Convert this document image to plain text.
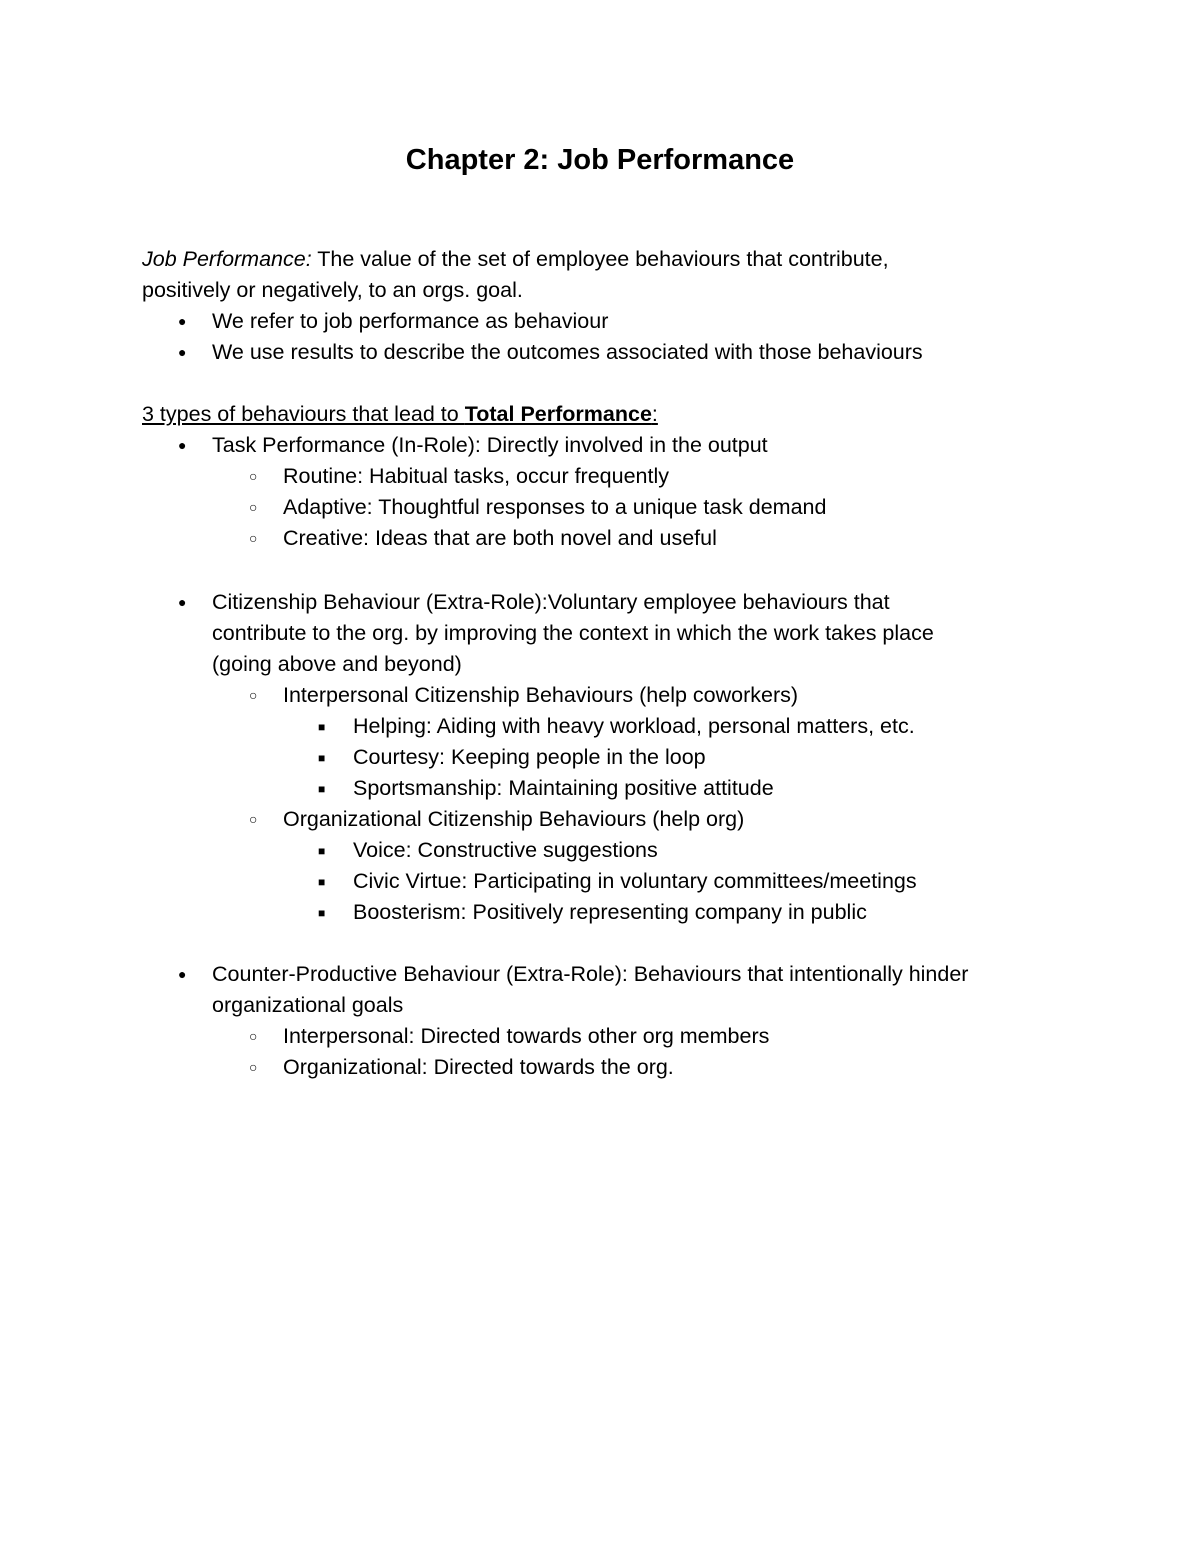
Chapter 2: Job Performance
Job Performance: The value of the set of employee behaviours that contribute,
positively or negatively, to an orgs. goal.
●
We refer to job performance as behaviour
●
We use results to describe the outcomes associated with those behaviours
3 types of behaviours that lead to Total Performance:
●
Task Performance (In-Role): Directly involved in the output
○
Routine: Habitual tasks, occur frequently
○
Adaptive: Thoughtful responses to a unique task demand
○
Creative: Ideas that are both novel and useful
●
Citizenship Behaviour (Extra-Role):Voluntary employee behaviours that
contribute to the org. by improving the context in which the work takes place
(going above and beyond)
○
Interpersonal Citizenship Behaviours (help coworkers)
■
Helping: Aiding with heavy workload, personal matters, etc.
■
Courtesy: Keeping people in the loop
■
Sportsmanship: Maintaining positive attitude
○
Organizational Citizenship Behaviours (help org)
■
Voice: Constructive suggestions
■
Civic Virtue: Participating in voluntary committees/meetings
■
Boosterism: Positively representing company in public
●
Counter-Productive Behaviour (Extra-Role): Behaviours that intentionally hinder
organizational goals
○
Interpersonal: Directed towards other org members
○
Organizational: Directed towards the org.
